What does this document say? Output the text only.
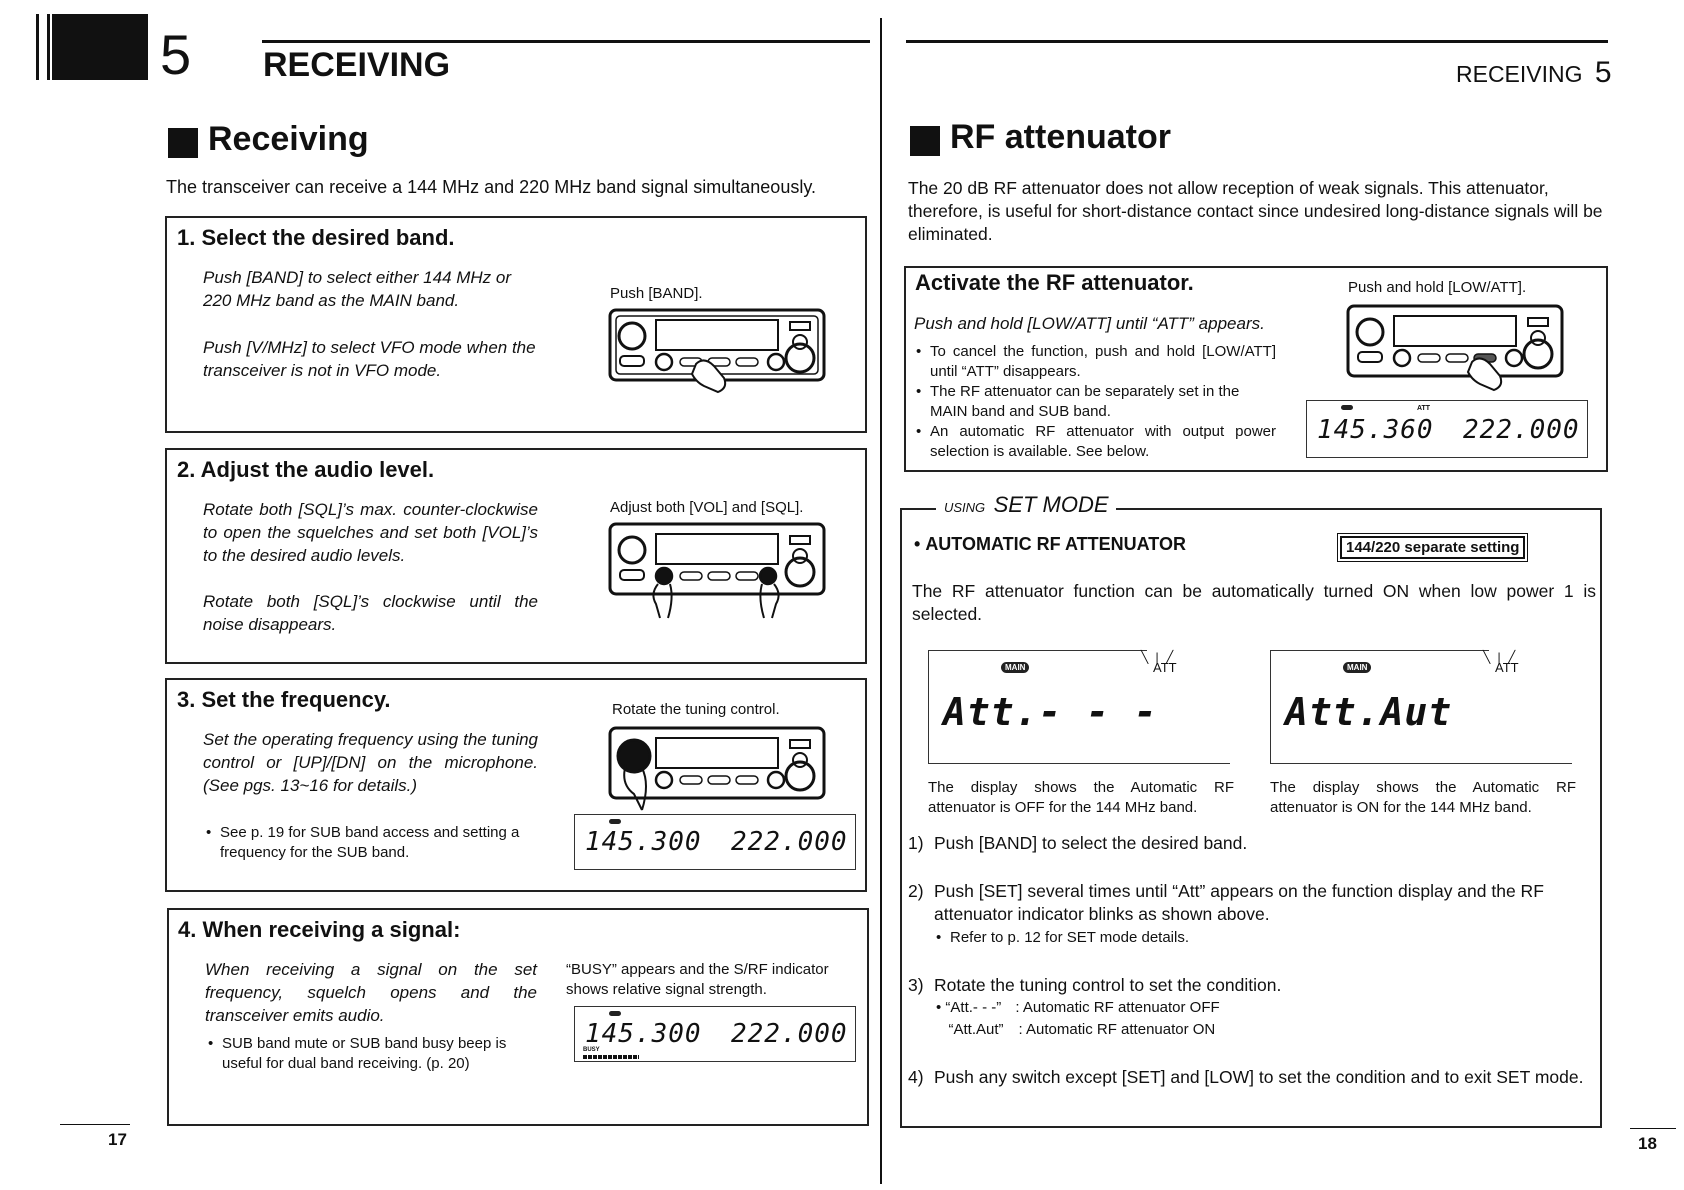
5 RECEIVING	RECEIVING 5
Receiving
The transceiver can receive a 144 MHz and 220 MHz band signal simultaneously.
1. Select the desired band.
Push [BAND] to select either 144 MHz or 220 MHz band as the MAIN band.
Push [V/MHz] to select VFO mode when the transceiver is not in VFO mode.
Push [BAND].
2. Adjust the audio level.
Rotate both [SQL]’s max. counter-clockwise to open the squelches and set both [VOL]’s to the desired audio levels.
Rotate both [SQL]’s clockwise until the noise disappears.
Adjust both [VOL] and [SQL].
3. Set the frequency.
Set the operating frequency using the tuning control or [UP]/[DN] on the microphone. (See pgs. 13~16 for details.)
• See p. 19 for SUB band access and setting a frequency for the SUB band.
Rotate the tuning control.
145.300 222.000
4. When receiving a signal:
When receiving a signal on the set frequency, squelch opens and the transceiver emits audio.
• SUB band mute or SUB band busy beep is useful for dual band receiving. (p. 20)
“BUSY” appears and the S/RF indicator shows relative signal strength.
145.300 222.000
BUSY
17
RF attenuator
The 20 dB RF attenuator does not allow reception of weak signals. This attenuator, therefore, is useful for short-distance contact since undesired long-distance signals will be eliminated.
Activate the RF attenuator.
Push and hold [LOW/ATT] until “ATT” appears.
• To cancel the function, push and hold [LOW/ATT] until “ATT” disappears.
• The RF attenuator can be separately set in the MAIN band and SUB band.
• An automatic RF attenuator with output power selection is available. See below.
Push and hold [LOW/ATT].
ATT
145.360 222.000
USING SET MODE
• AUTOMATIC RF ATTENUATOR	144/220 separate setting
The RF attenuator function can be automatically turned ON when low power 1 is selected.
MAIN	ATT
╲ | ╱
Att.- - -
The display shows the Automatic RF attenuator is OFF for the 144 MHz band.
MAIN	ATT
╲ | ╱
Att.Aut
The display shows the Automatic RF attenuator is ON for the 144 MHz band.
1) Push [BAND] to select the desired band.
2) Push [SET] several times until “Att” appears on the function display and the RF attenuator indicator blinks as shown above.
• Refer to p. 12 for SET mode details.
3) Rotate the tuning control to set the condition.
• “Att.- - -” : Automatic RF attenuator OFF
“Att.Aut” : Automatic RF attenuator ON
4) Push any switch except [SET] and [LOW] to set the condition and to exit SET mode.
18
